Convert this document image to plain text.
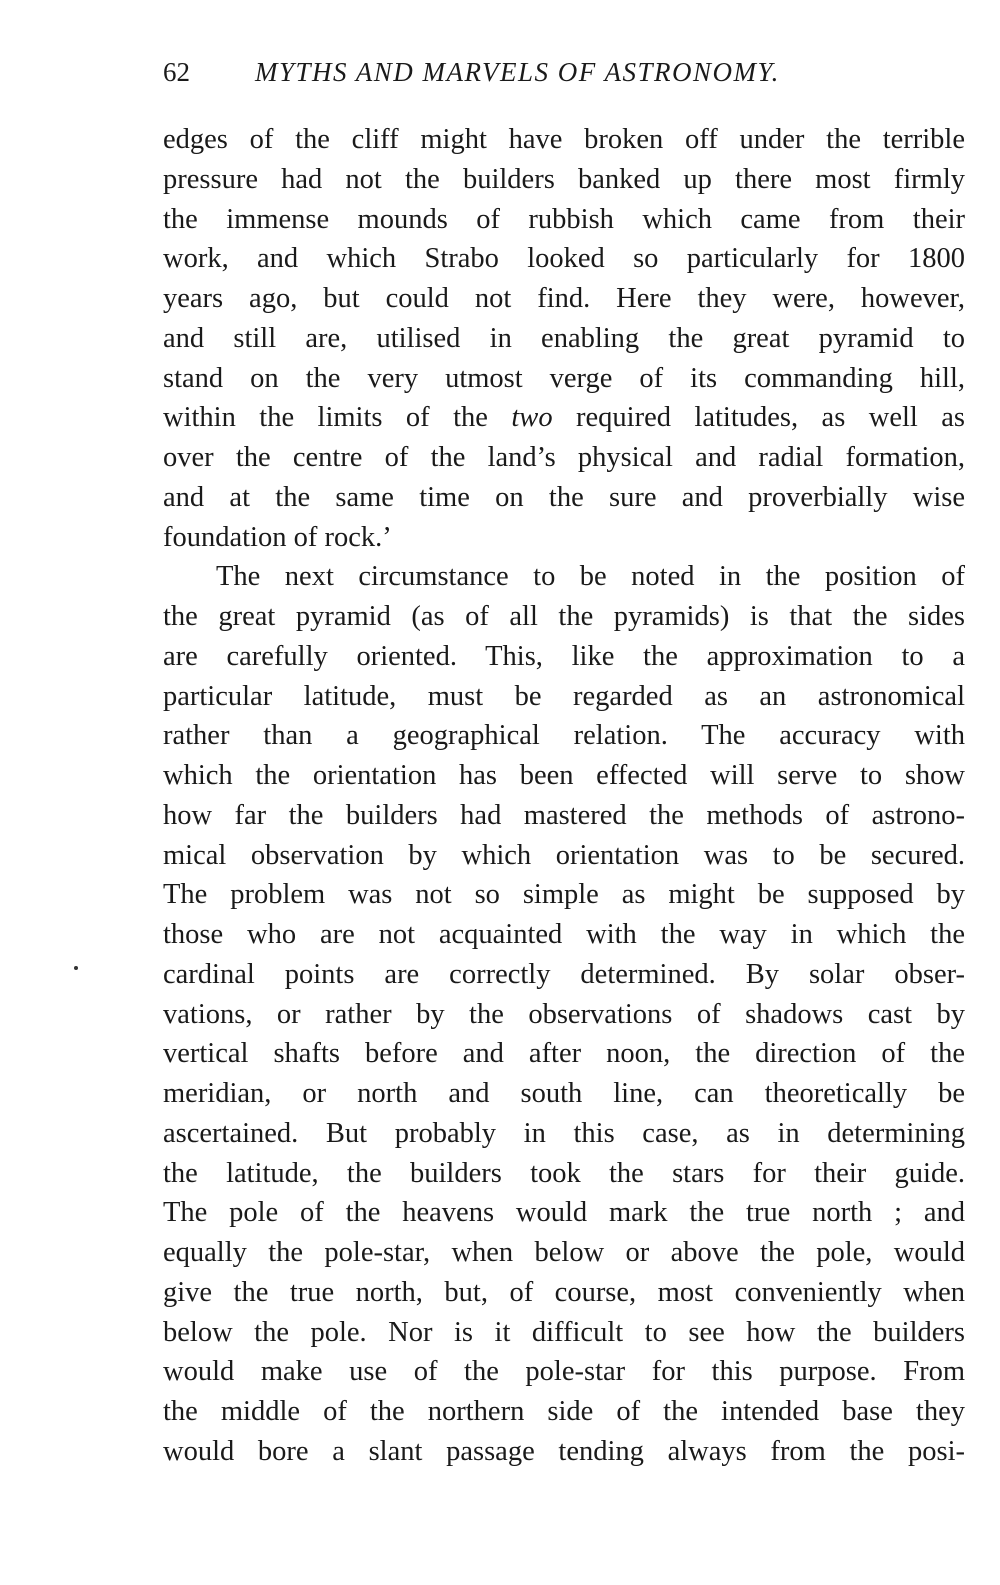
62 MYTHS AND MARVELS OF ASTRONOMY.
edges of the cliff might have broken off under the terrible
pressure had not the builders banked up there most firmly
the immense mounds of rubbish which came from their
work, and which Strabo looked so particularly for 1800
years ago, but could not find. Here they were, however,
and still are, utilised in enabling the great pyramid to
stand on the very utmost verge of its commanding hill,
within the limits of the two required latitudes, as well as
over the centre of the land’s physical and radial formation,
and at the same time on the sure and proverbially wise
foundation of rock.’
The next circumstance to be noted in the position of
the great pyramid (as of all the pyramids) is that the sides
are carefully oriented. This, like the approximation to a
particular latitude, must be regarded as an astronomical
rather than a geographical relation. The accuracy with
which the orientation has been effected will serve to show
how far the builders had mastered the methods of astrono-
mical observation by which orientation was to be secured.
The problem was not so simple as might be supposed by
those who are not acquainted with the way in which the
cardinal points are correctly determined. By solar obser-
vations, or rather by the observations of shadows cast by
vertical shafts before and after noon, the direction of the
meridian, or north and south line, can theoretically be
ascertained. But probably in this case, as in determining
the latitude, the builders took the stars for their guide.
The pole of the heavens would mark the true north ; and
equally the pole-star, when below or above the pole, would
give the true north, but, of course, most conveniently when
below the pole. Nor is it difficult to see how the builders
would make use of the pole-star for this purpose. From
the middle of the northern side of the intended base they
would bore a slant passage tending always from the posi-
